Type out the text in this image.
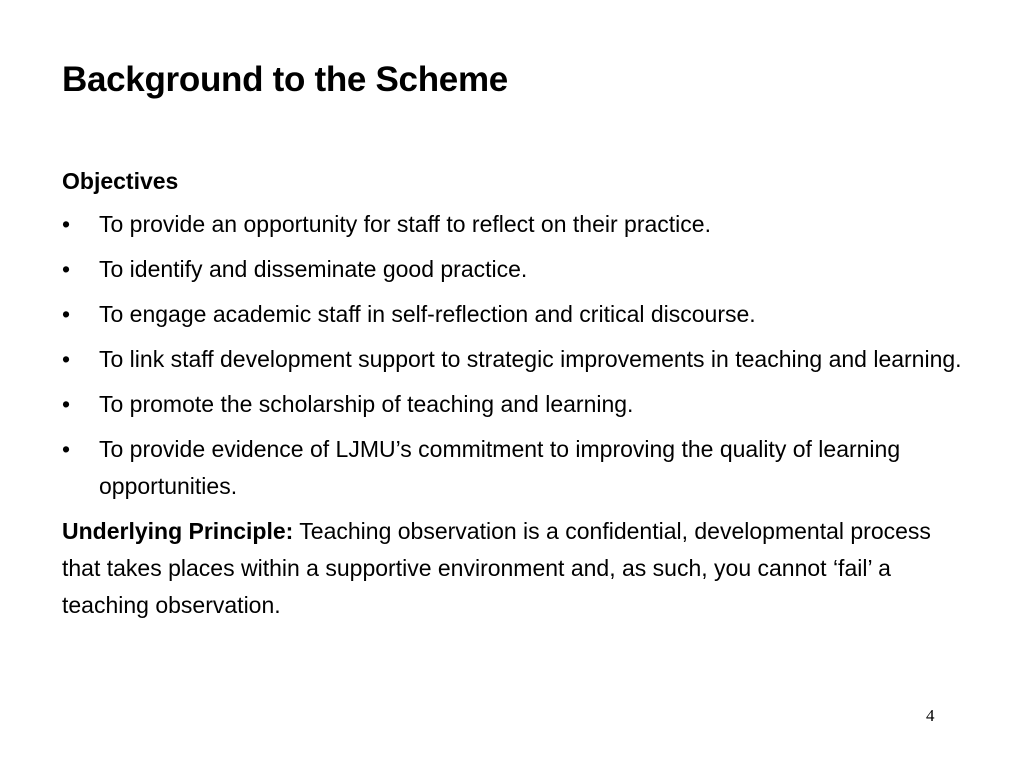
Background to the Scheme
Objectives
•	To provide an opportunity for staff to reflect on their practice.
•	To identify and disseminate good practice.
•	To engage academic staff in self-reflection and critical discourse.
•	To link staff development support to strategic improvements in teaching and learning.
•	To promote the scholarship of teaching and learning.
•	To provide evidence of LJMU’s commitment to improving the quality of learning opportunities.

Underlying Principle: Teaching observation is a confidential, developmental process that takes places within a supportive environment and, as such, you cannot ‘fail’ a teaching observation.

4
